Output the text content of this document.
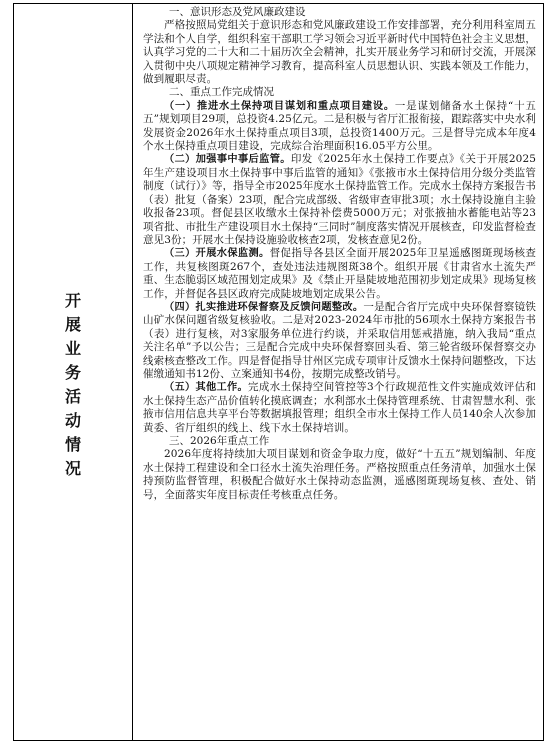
开
展
业
务
活
动
情
况

一、意识形态及党风廉政建设

严格按照局党组关于意识形态和党风廉政建设工作安排部署，充分利用科室周五学法和个人自学，组织科室干部职工学习领会习近平新时代中国特色社会主义思想，认真学习党的二十大和二十届历次全会精神，扎实开展业务学习和研讨交流，开展深入贯彻中央八项规定精神学习教育，提高科室人员思想认识、实践本领及工作能力，做到履职尽责。

二、重点工作完成情况

（一）推进水土保持项目谋划和重点项目建设。一是谋划储备水土保持“十五五”规划项目29项，总投资4.25亿元。二是积极与省厅汇报衔接，跟踪落实中央水利发展资金2026年水土保持重点项目3项，总投资1400万元。三是督导完成本年度4个水土保持重点项目建设，完成综合治理面积16.05平方公里。

（二）加强事中事后监管。印发《2025年水土保持工作要点》《关于开展2025年生产建设项目水土保持事中事后监管的通知》《张掖市水土保持信用分级分类监管制度（试行）》等，指导全市2025年度水土保持监管工作。完成水土保持方案报告书（表）批复（备案）23项，配合完成部级、省级审查审批3项；水土保持设施自主验收报备23项。督促县区收缴水土保持补偿费5000万元；对张掖抽水蓄能电站等23项省批、市批生产建设项目水土保持“三同时”制度落实情况开展核查，印发监督检查意见3份；开展水土保持设施验收核查2项，发核查意见2份。

（三）开展水保监测。督促指导各县区全面开展2025年卫星遥感图斑现场核查工作，共复核图斑267个，查处违法违规图斑38个。组织开展《甘肃省水土流失严重、生态脆弱区域范围划定成果》及《禁止开垦陡坡地范围初步划定成果》现场复核工作，并督促各县区政府完成陡坡地划定成果公告。

（四）扎实推进环保督察及反馈问题整改。一是配合省厅完成中央环保督察镜铁山矿水保问题省级复核验收。二是对2023-2024年市批的56项水土保持方案报告书（表）进行复核，对3家服务单位进行约谈，并采取信用惩戒措施，纳入我局“重点关注名单”予以公告；三是配合完成中央环保督察回头看、第三轮省级环保督察交办线索核查整改工作。四是督促指导甘州区完成专项审计反馈水土保持问题整改，下达催缴通知书12份、立案通知书4份，按期完成整改销号。

（五）其他工作。完成水土保持空间管控等3个行政规范性文件实施成效评估和水土保持生态产品价值转化摸底调查；水利部水土保持管理系统、甘肃智慧水利、张掖市信用信息共享平台等数据填报管理；组织全市水土保持工作人员140余人次参加黄委、省厅组织的线上、线下水土保持培训。

三、2026年重点工作

2026年度将持续加大项目谋划和资金争取力度，做好“十五五”规划编制、年度水土保持工程建设和全口径水土流失治理任务。严格按照重点任务清单，加强水土保持预防监督管理，积极配合做好水土保持动态监测，遥感图斑现场复核、查处、销号，全面落实年度目标责任考核重点任务。
